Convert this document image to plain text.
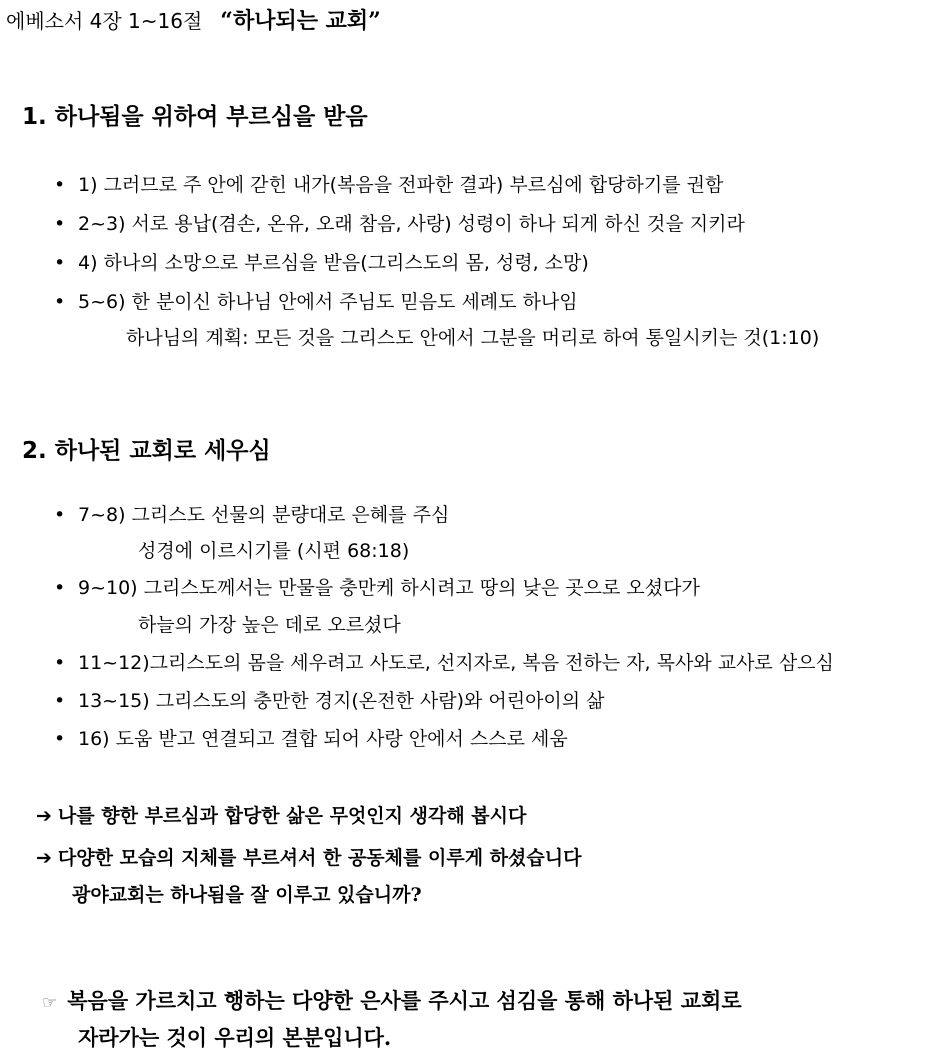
에베소서 4장 1~16절 “하나되는 교회”
1. 하나됨을 위하여 부르심을 받음
• 1) 그러므로 주 안에 갇힌 내가(복음을 전파한 결과) 부르심에 합당하기를 권함
• 2~3) 서로 용납(겸손, 온유, 오래 참음, 사랑) 성령이 하나 되게 하신 것을 지키라
• 4) 하나의 소망으로 부르심을 받음(그리스도의 몸, 성령, 소망)
• 5~6) 한 분이신 하나님 안에서 주님도 믿음도 세례도 하나임
하나님의 계획: 모든 것을 그리스도 안에서 그분을 머리로 하여 통일시키는 것(1:10)
2. 하나된 교회로 세우심
• 7~8) 그리스도 선물의 분량대로 은혜를 주심
성경에 이르시기를 (시편 68:18)
• 9~10) 그리스도께서는 만물을 충만케 하시려고 땅의 낮은 곳으로 오셨다가
하늘의 가장 높은 데로 오르셨다
• 11~12)그리스도의 몸을 세우려고 사도로, 선지자로, 복음 전하는 자, 목사와 교사로 삼으심
• 13~15) 그리스도의 충만한 경지(온전한 사람)와 어린아이의 삶
• 16) 도움 받고 연결되고 결합 되어 사랑 안에서 스스로 세움
➔ 나를 향한 부르심과 합당한 삶은 무엇인지 생각해 봅시다
➔ 다양한 모습의 지체를 부르셔서 한 공동체를 이루게 하셨습니다
광야교회는 하나됨을 잘 이루고 있습니까?
☞ 복음을 가르치고 행하는 다양한 은사를 주시고 섬김을 통해 하나된 교회로
자라가는 것이 우리의 본분입니다.
